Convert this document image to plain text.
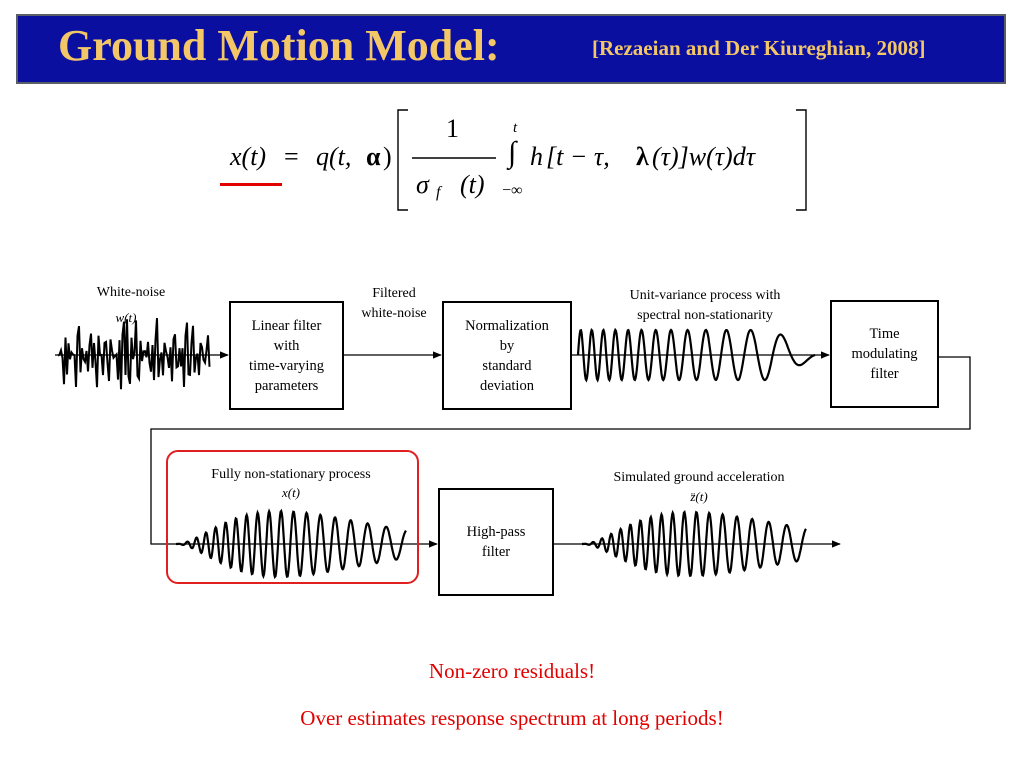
Ground Motion Model:	[Rezaeian and Der Kiureghian, 2008]
x(t) = q(t, α )
1
σ f (t)
t
∫
−∞
h [t − τ, λ (τ)]w(τ)dτ
White-noise
w(t)
Filtered
white-noise
Unit-variance process with
spectral non-stationarity
Fully non-stationary process
x(t)
Simulated ground acceleration
z̈(t)
Linear filter
with
time-varying
parameters
Normalization
by
standard
deviation
Time
modulating
filter
High-pass
filter
Non-zero residuals!
Over estimates response spectrum at long periods!
